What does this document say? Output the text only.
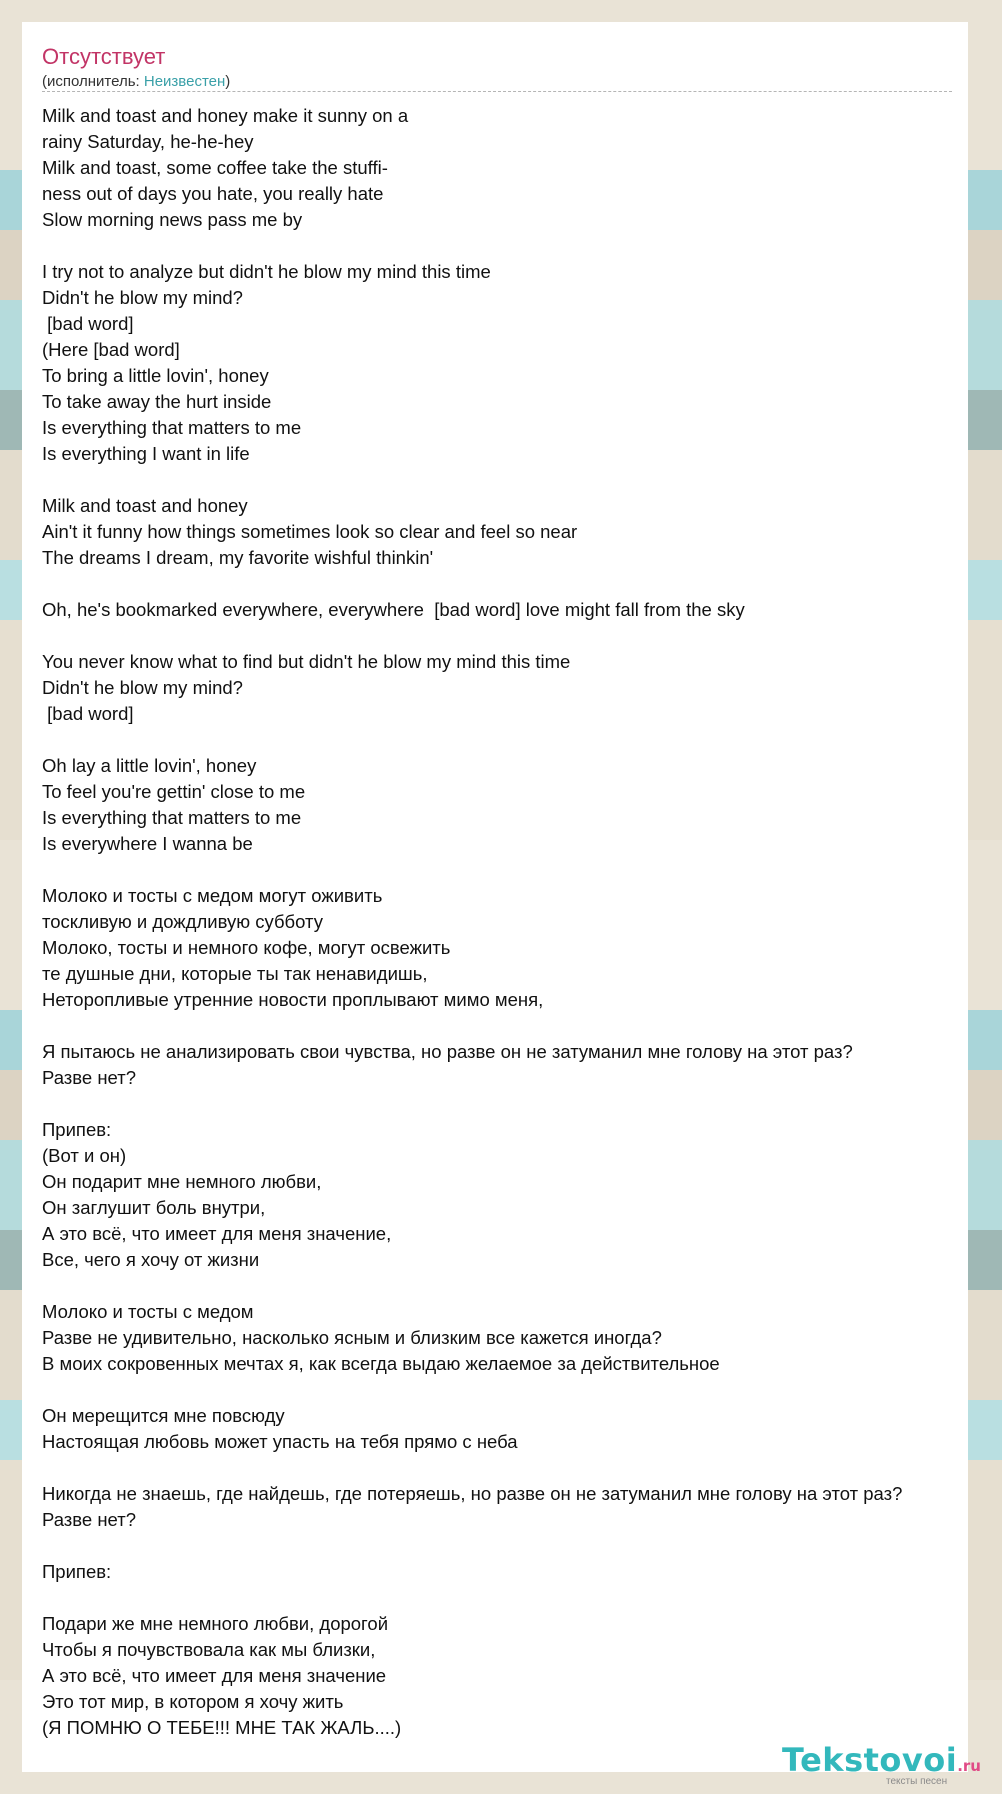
Отсутствует
(исполнитель: Неизвестен)
Milk and toast and honey make it sunny on a
rainy Saturday, he-he-hey
Milk and toast, some coffee take the stuffi-
ness out of days you hate, you really hate
Slow morning news pass me by
I try not to analyze but didn't he blow my mind this time
Didn't he blow my mind?
[bad word]
(Here [bad word]
To bring a little lovin', honey
To take away the hurt inside
Is everything that matters to me
Is everything I want in life
Milk and toast and honey
Ain't it funny how things sometimes look so clear and feel so near
The dreams I dream, my favorite wishful thinkin'
Oh, he's bookmarked everywhere, everywhere  [bad word] love might fall from the sky
You never know what to find but didn't he blow my mind this time
Didn't he blow my mind?
[bad word]
Oh lay a little lovin', honey
To feel you're gettin' close to me
Is everything that matters to me
Is everywhere I wanna be
Молоко и тосты с медом могут оживить
тоскливую и дождливую субботу
Молоко, тосты и немного кофе, могут освежить
те душные дни, которые ты так ненавидишь,
Неторопливые утренние новости проплывают мимо меня,
Я пытаюсь не анализировать свои чувства, но разве он не затуманил мне голову на этот раз?
Разве нет?
Припев:
(Вот и он)
Он подарит мне немного любви,
Он заглушит боль внутри,
А это всё, что имеет для меня значение,
Все, чего я хочу от жизни
Молоко и тосты с медом
Разве не удивительно, насколько ясным и близким все кажется иногда?
В моих сокровенных мечтах я, как всегда выдаю желаемое за действительное
Он мерещится мне повсюду
Настоящая любовь может упасть на тебя прямо с неба
Никогда не знаешь, где найдешь, где потеряешь, но разве он не затуманил мне голову на этот раз?
Разве нет?
Припев:
Подари же мне немного любви, дорогой
Чтобы я почувствовала как мы близки,
А это всё, что имеет для меня значение
Это тот мир, в котором я хочу жить
(Я ПОМНЮ О ТЕБЕ!!! МНЕ ТАК ЖАЛЬ....)
Tekstovoi.ru
тексты песен
